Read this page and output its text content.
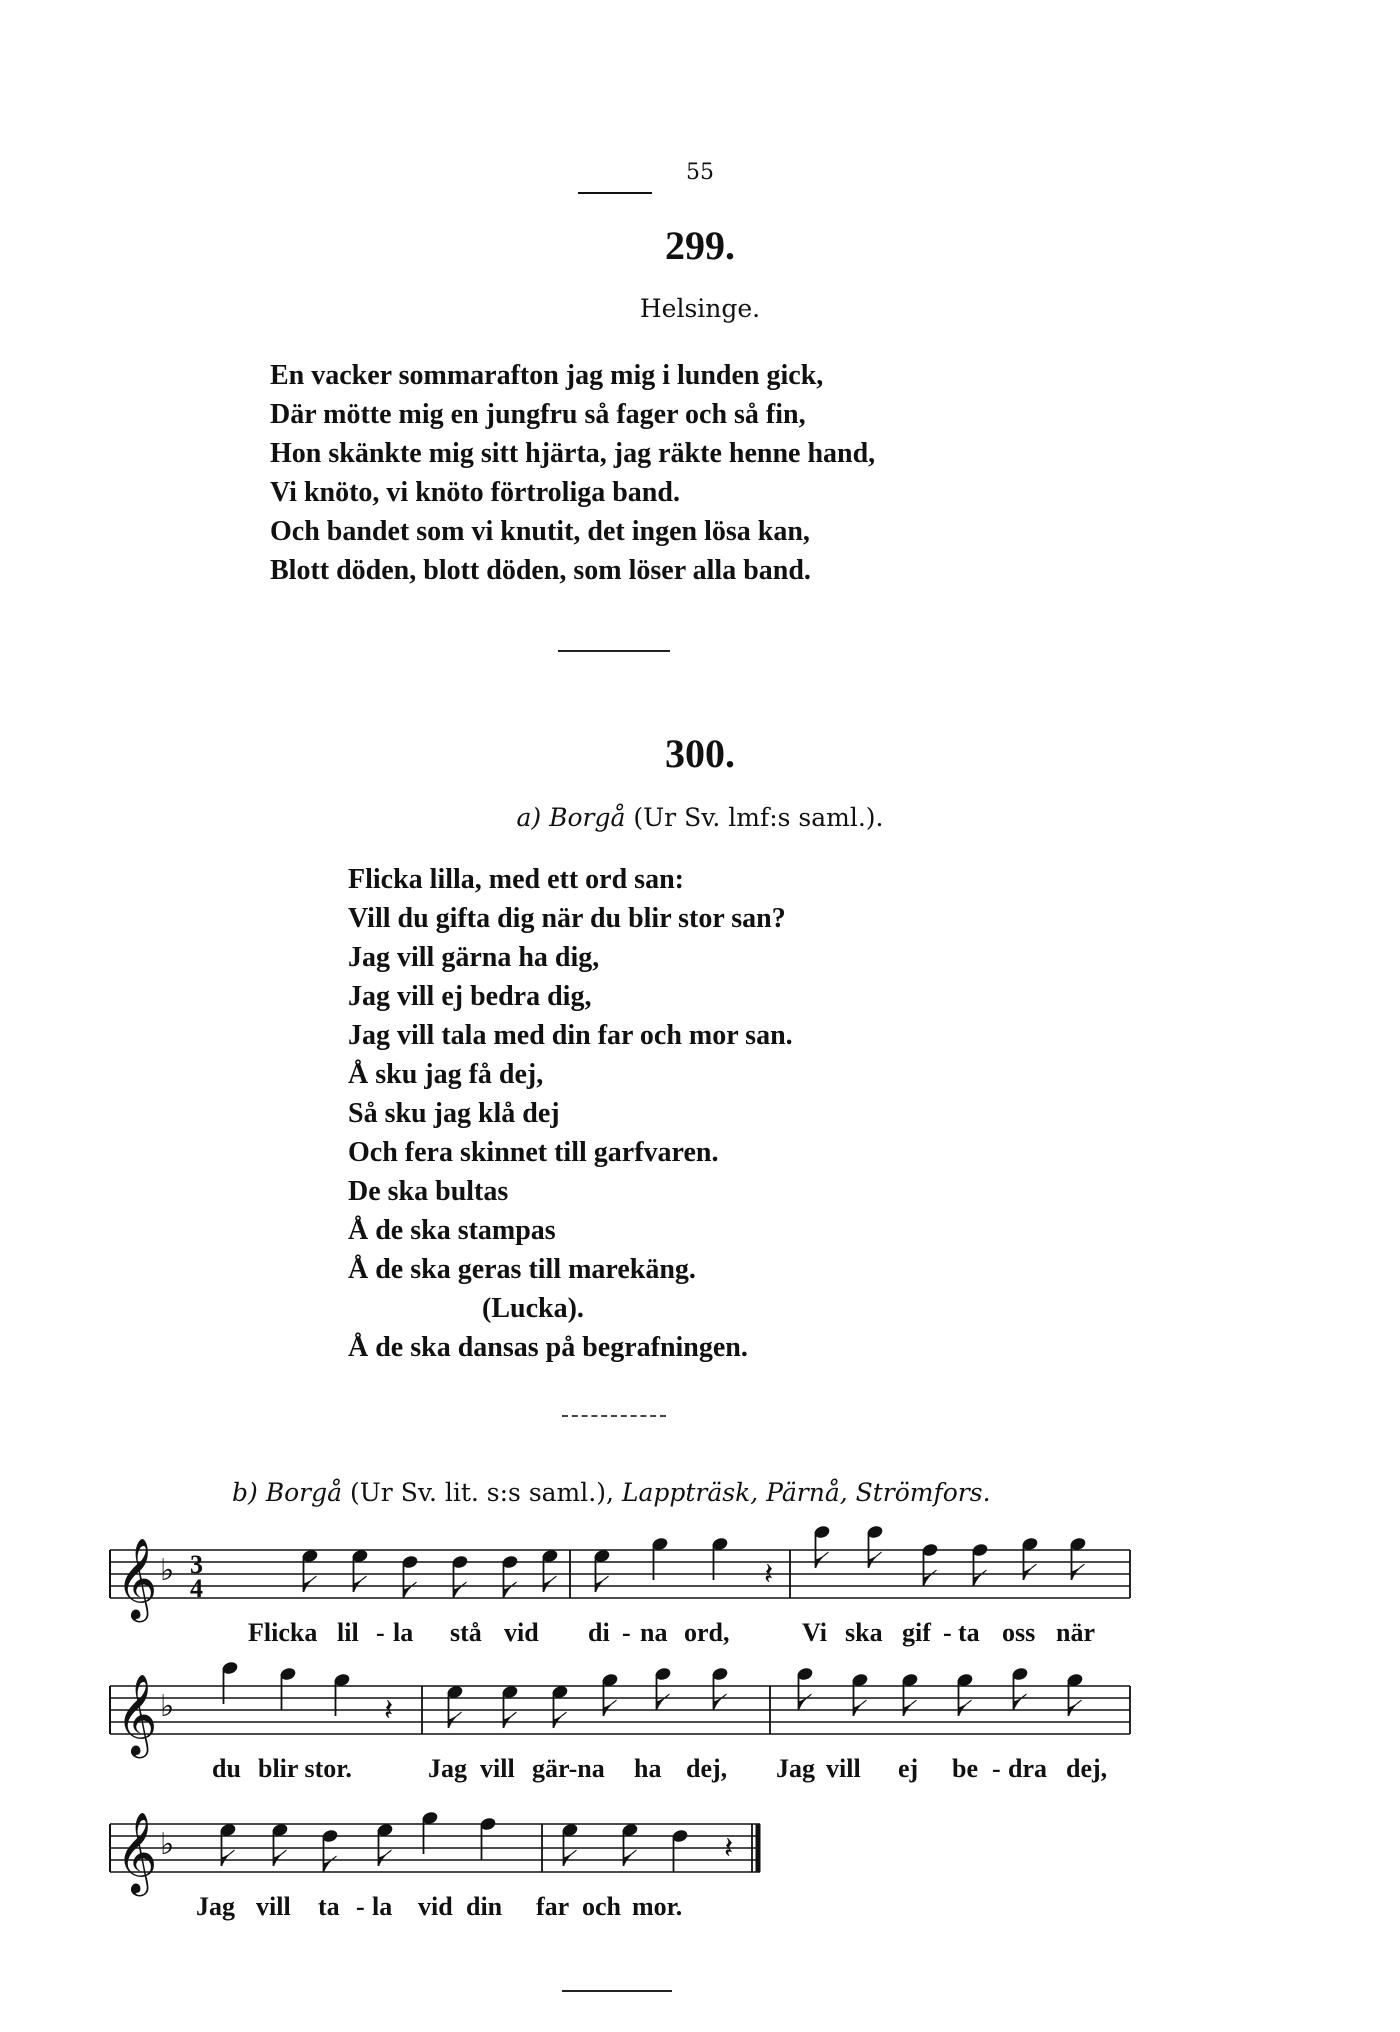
55
299.
Helsinge.
En vacker sommarafton jag mig i lunden gick,
Där mötte mig en jungfru så fager och så fin,
Hon skänkte mig sitt hjärta, jag räkte henne hand,
Vi knöto, vi knöto förtroliga band.
Och bandet som vi knutit, det ingen lösa kan,
Blott döden, blott döden, som löser alla band.
300.
a) Borgå (Ur Sv. lmf:s saml.).
Flicka lilla, med ett ord san:
Vill du gifta dig när du blir stor san?
Jag vill gärna ha dig,
Jag vill ej bedra dig,
Jag vill tala med din far och mor san.
Å sku jag få dej,
Så sku jag klå dej
Och fera skinnet till garfvaren.
De ska bultas
Å de ska stampas
Å de ska geras till marekäng.
(Lucka).
Å de ska dansas på begrafningen.
b) Borgå (Ur Sv. lit. s:s saml.), Lappträsk, Pärnå, Strömfors.
𝄞 ♭ 3
4	𝄽
𝄞 ♭	𝄽
𝄞 ♭	𝄽
Flicka lil - la stå vid di - na ord,	Vi ska gif - ta oss när
du blir stor.	Jag vill gär-na ha dej, Jag vill ej be - dra dej,
Jag vill ta - la vid din far och mor.
